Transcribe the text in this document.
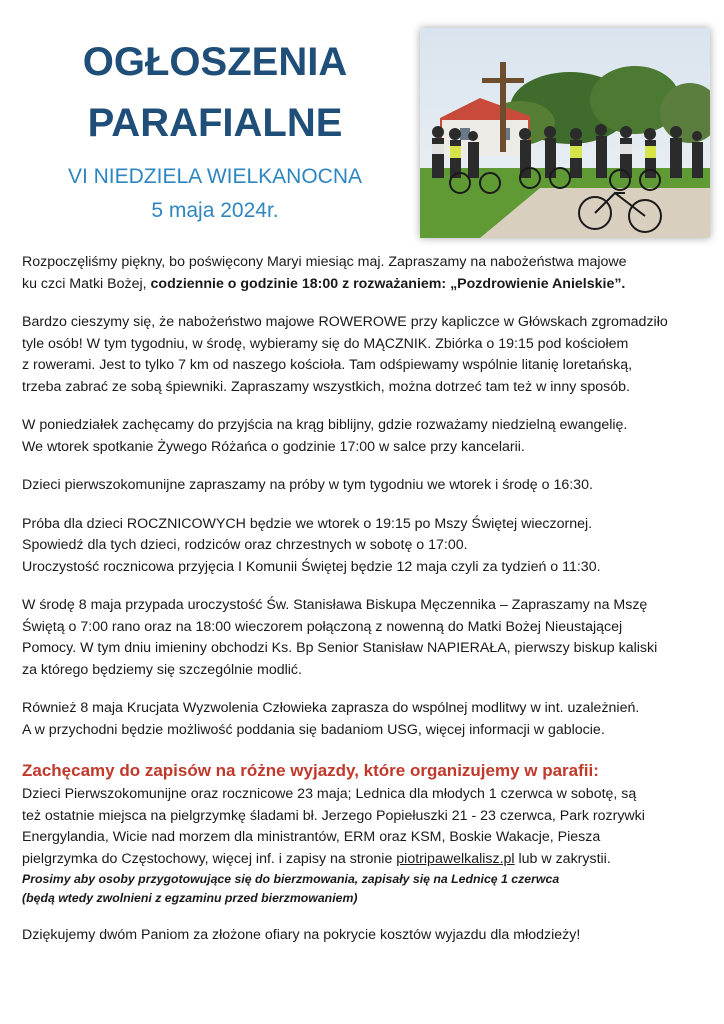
OGŁOSZENIA
PARAFIALNE
VI NIEDZIELA WIELKANOCNA
5 maja 2024r.

Rozpoczęliśmy piękny, bo poświęcony Maryi miesiąc maj. Zapraszamy na nabożeństwa majowe
ku czci Matki Bożej, codziennie o godzinie 18:00 z rozważaniem: „Pozdrowienie Anielskie”.

Bardzo cieszymy się, że nabożeństwo majowe ROWEROWE przy kapliczce w Główskach zgromadziło
tyle osób! W tym tygodniu, w środę, wybieramy się do MĄCZNIK. Zbiórka o 19:15 pod kościołem
z rowerami. Jest to tylko 7 km od naszego kościoła. Tam odśpiewamy wspólnie litanię loretańską,
trzeba zabrać ze sobą śpiewniki. Zapraszamy wszystkich, można dotrzeć tam też w inny sposób.

W poniedziałek zachęcamy do przyjścia na krąg biblijny, gdzie rozważamy niedzielną ewangelię.
We wtorek spotkanie Żywego Różańca o godzinie 17:00 w salce przy kancelarii.

Dzieci pierwszokomunijne zapraszamy na próby w tym tygodniu we wtorek i środę o 16:30.

Próba dla dzieci ROCZNICOWYCH będzie we wtorek o 19:15 po Mszy Świętej wieczornej.
Spowiedź dla tych dzieci, rodziców oraz chrzestnych w sobotę o 17:00.
Uroczystość rocznicowa przyjęcia I Komunii Świętej będzie 12 maja czyli za tydzień o 11:30.

W środę 8 maja przypada uroczystość Św. Stanisława Biskupa Męczennika – Zapraszamy na Mszę
Świętą o 7:00 rano oraz na 18:00 wieczorem połączoną z nowenną do Matki Bożej Nieustającej
Pomocy. W tym dniu imieniny obchodzi Ks. Bp Senior Stanisław NAPIERAŁA, pierwszy biskup kaliski
za którego będziemy się szczególnie modlić.

Również 8 maja Krucjata Wyzwolenia Człowieka zaprasza do wspólnej modlitwy w int. uzależnień.
A w przychodni będzie możliwość poddania się badaniom USG, więcej informacji w gablocie.

Zachęcamy do zapisów na różne wyjazdy, które organizujemy w parafii:

Dzieci Pierwszokomunijne oraz rocznicowe 23 maja; Lednica dla młodych 1 czerwca w sobotę, są
też ostatnie miejsca na pielgrzymkę śladami bł. Jerzego Popiełuszki 21 - 23 czerwca, Park rozrywki
Energylandia, Wicie nad morzem dla ministrantów, ERM oraz KSM, Boskie Wakacje, Piesza
pielgrzymka do Częstochowy, więcej inf. i zapisy na stronie piotripawelkalisz.pl lub w zakrystii.

Prosimy aby osoby przygotowujące się do bierzmowania, zapisały się na Lednicę 1 czerwca
(będą wtedy zwolnieni z egzaminu przed bierzmowaniem)

Dziękujemy dwóm Paniom za złożone ofiary na pokrycie kosztów wyjazdu dla młodzieży!
